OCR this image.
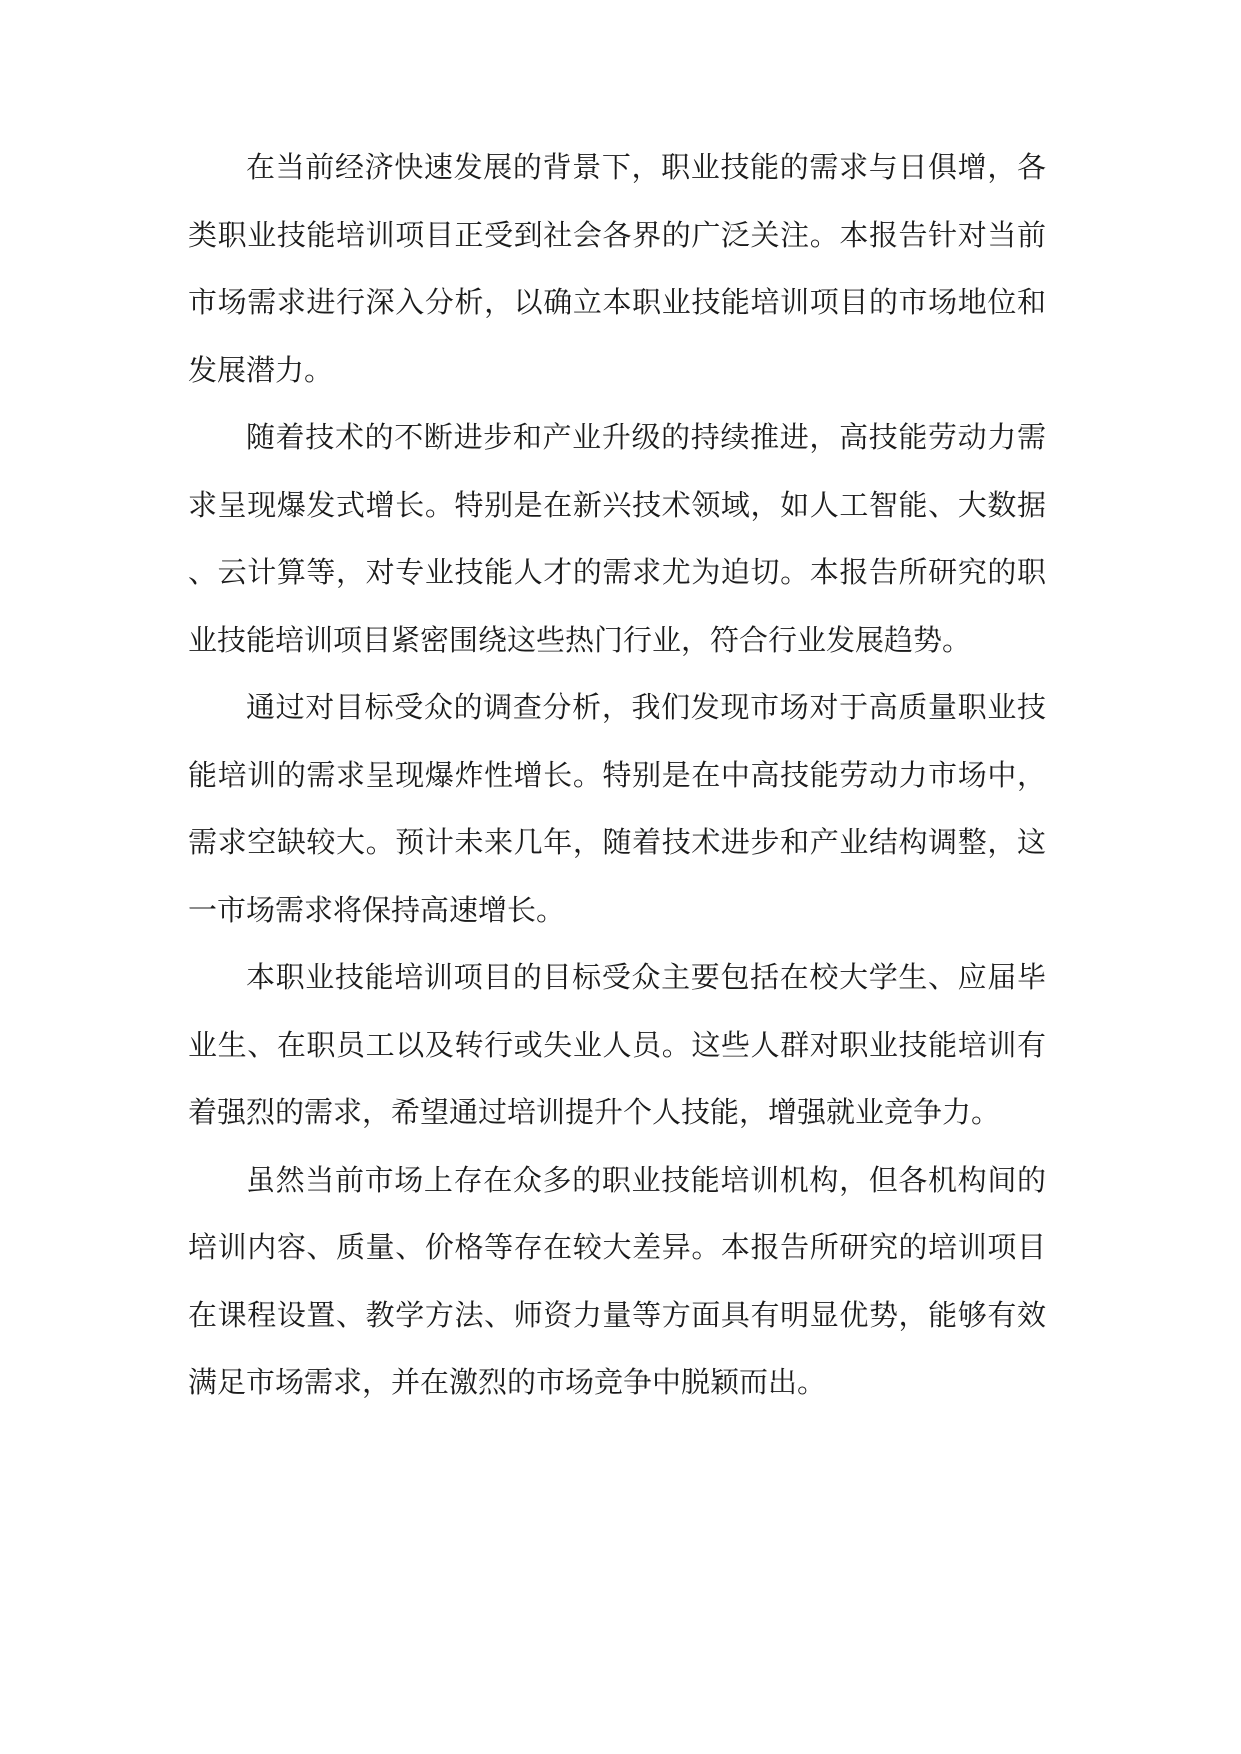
在当前经济快速发展的背景下，职业技能的需求与日俱增，各类职业技能培训项目正受到社会各界的广泛关注。本报告针对当前市场需求进行深入分析，以确立本职业技能培训项目的市场地位和发展潜力。

随着技术的不断进步和产业升级的持续推进，高技能劳动力需求呈现爆发式增长。特别是在新兴技术领域，如人工智能、大数据、云计算等，对专业技能人才的需求尤为迫切。本报告所研究的职业技能培训项目紧密围绕这些热门行业，符合行业发展趋势。

通过对目标受众的调查分析，我们发现市场对于高质量职业技能培训的需求呈现爆炸性增长。特别是在中高技能劳动力市场中，需求空缺较大。预计未来几年，随着技术进步和产业结构调整，这一市场需求将保持高速增长。

本职业技能培训项目的目标受众主要包括在校大学生、应届毕业生、在职员工以及转行或失业人员。这些人群对职业技能培训有着强烈的需求，希望通过培训提升个人技能，增强就业竞争力。

虽然当前市场上存在众多的职业技能培训机构，但各机构间的培训内容、质量、价格等存在较大差异。本报告所研究的培训项目在课程设置、教学方法、师资力量等方面具有明显优势，能够有效满足市场需求，并在激烈的市场竞争中脱颖而出。
